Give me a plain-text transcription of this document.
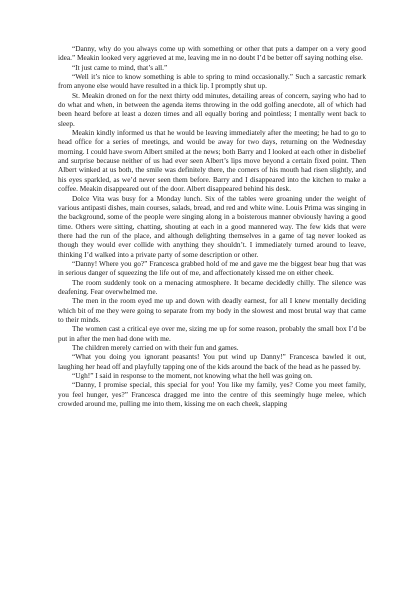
“Danny, why do you always come up with something or other that puts a damper on a very good idea.” Meakin looked very aggrieved at me, leaving me in no doubt I’d be better off saying nothing else.

“It just came to mind, that’s all.”

“Well it’s nice to know something is able to spring to mind occasionally.” Such a sarcastic remark from anyone else would have resulted in a thick lip. I promptly shut up.

St. Meakin droned on for the next thirty odd minutes, detailing areas of concern, saying who had to do what and when, in between the agenda items throwing in the odd golfing anecdote, all of which had been heard before at least a dozen times and all equally boring and pointless; I mentally went back to sleep.

Meakin kindly informed us that he would be leaving immediately after the meeting; he had to go to head office for a series of meetings, and would be away for two days, returning on the Wednesday morning. I could have sworn Albert smiled at the news; both Barry and I looked at each other in disbelief and surprise because neither of us had ever seen Albert’s lips move beyond a certain fixed point. Then Albert winked at us both, the smile was definitely there, the corners of his mouth had risen slightly, and his eyes sparkled, as we’d never seen them before. Barry and I disappeared into the kitchen to make a coffee. Meakin disappeared out of the door. Albert disappeared behind his desk.

Dolce Vita was busy for a Monday lunch. Six of the tables were groaning under the weight of various antipasti dishes, main courses, salads, bread, and red and white wine. Louis Prima was singing in the background, some of the people were singing along in a boisterous manner obviously having a good time. Others were sitting, chatting, shouting at each in a good mannered way. The few kids that were there had the run of the place, and although delighting themselves in a game of tag never looked as though they would ever collide with anything they shouldn’t. I immediately turned around to leave, thinking I’d walked into a private party of some description or other.

“Danny! Where you go?” Francesca grabbed hold of me and gave me the biggest bear hug that was in serious danger of squeezing the life out of me, and affectionately kissed me on either cheek.

The room suddenly took on a menacing atmosphere. It became decidedly chilly. The silence was deafening. Fear overwhelmed me.

The men in the room eyed me up and down with deadly earnest, for all I knew mentally deciding which bit of me they were going to separate from my body in the slowest and most brutal way that came to their minds.

The women cast a critical eye over me, sizing me up for some reason, probably the small box I’d be put in after the men had done with me.

The children merely carried on with their fun and games.

“What you doing you ignorant peasants! You put wind up Danny!” Francesca bawled it out, laughing her head off and playfully tapping one of the kids around the back of the head as he passed by.

“Ugh!” I said in response to the moment, not knowing what the hell was going on.

“Danny, I promise special, this special for you! You like my family, yes? Come you meet family, you feel hunger, yes?” Francesca dragged me into the centre of this seemingly huge melee, which crowded around me, pulling me into them, kissing me on each cheek, slapping
